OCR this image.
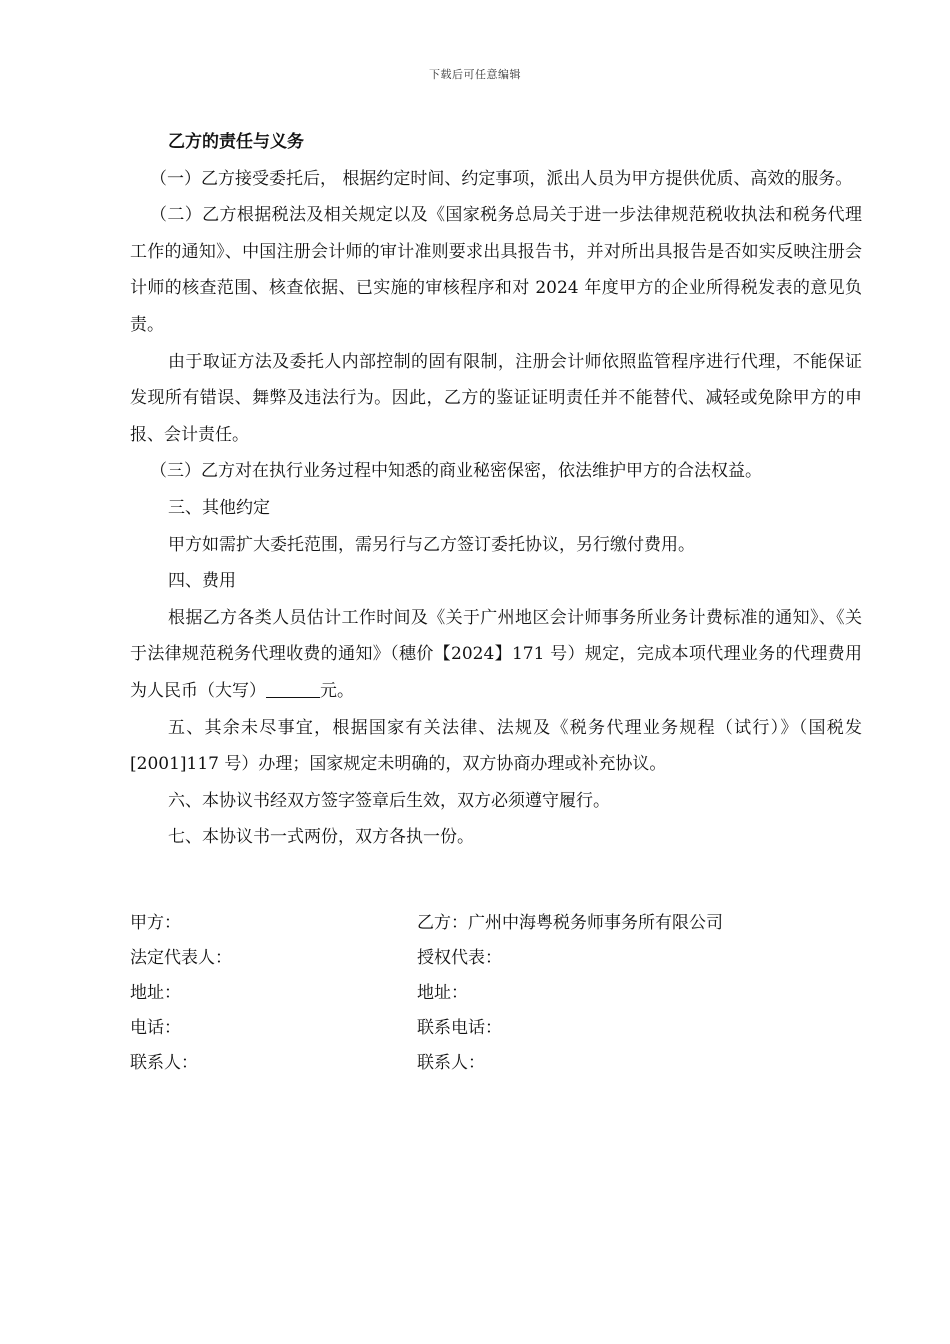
下载后可任意编辑

乙方的责任与义务

（一）乙方接受委托后， 根据约定时间、约定事项，派出人员为甲方提供优质、高效的服务。

（二）乙方根据税法及相关规定以及《国家税务总局关于进一步法律规范税收执法和税务代理工作的通知》、中国注册会计师的审计准则要求出具报告书，并对所出具报告是否如实反映注册会计师的核查范围、核查依据、已实施的审核程序和对 2024 年度甲方的企业所得税发表的意见负责。

由于取证方法及委托人内部控制的固有限制，注册会计师依照监管程序进行代理，不能保证发现所有错误、舞弊及违法行为。因此，乙方的鉴证证明责任并不能替代、减轻或免除甲方的申报、会计责任。

（三）乙方对在执行业务过程中知悉的商业秘密保密，依法维护甲方的合法权益。

三、其他约定

甲方如需扩大委托范围，需另行与乙方签订委托协议，另行缴付费用。

四、费用

根据乙方各类人员估计工作时间及《关于广州地区会计师事务所业务计费标准的通知》、《关于法律规范税务代理收费的通知》（穗价【2024】171 号）规定，完成本项代理业务的代理费用为人民币（大写）	元。

五、其余未尽事宜，根据国家有关法律、法规及《税务代理业务规程（试行）》（国税发[2001]117 号）办理；国家规定未明确的，双方协商办理或补充协议。

六、本协议书经双方签字签章后生效，双方必须遵守履行。

七、本协议书一式两份，双方各执一份。

甲方：	乙方：广州中海粤税务师事务所有限公司
法定代表人：	授权代表：
地址：	地址：
电话：	联系电话：
联系人：	联系人：
